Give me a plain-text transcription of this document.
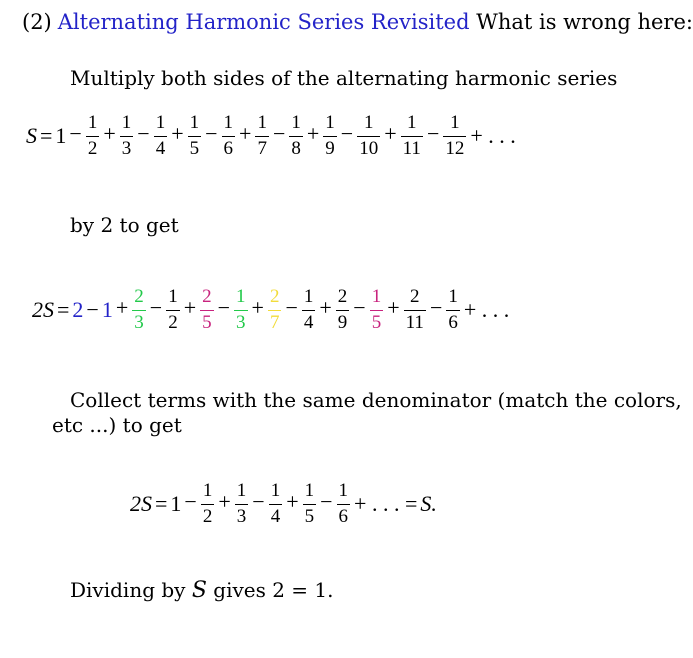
(2) Alternating Harmonic Series Revisited What is wrong here:
Multiply both sides of the alternating harmonic series
$S = 1 - \frac{1}{2} + \frac{1}{3} - \frac{1}{4} + \frac{1}{5} - \frac{1}{6} + \frac{1}{7} - \frac{1}{8} + \frac{1}{9} - \frac{1}{10} + \frac{1}{11} - \frac{1}{12}$ + . . .
by 2 to get
$2S = 2 - 1 + \frac{2}{3} - \frac{1}{2} + \frac{2}{5} - \frac{1}{3} + \frac{2}{7} - \frac{1}{4} + \frac{2}{9} - \frac{1}{5} + \frac{2}{11} - \frac{1}{6}$ + . . .
Collect terms with the same denominator (match the colors,
etc ...) to get
$2S = 1 - \frac{1}{2} + \frac{1}{3} - \frac{1}{4} + \frac{1}{5} - \frac{1}{6}$ + . . . = S.
Dividing by S gives 2 = 1.
